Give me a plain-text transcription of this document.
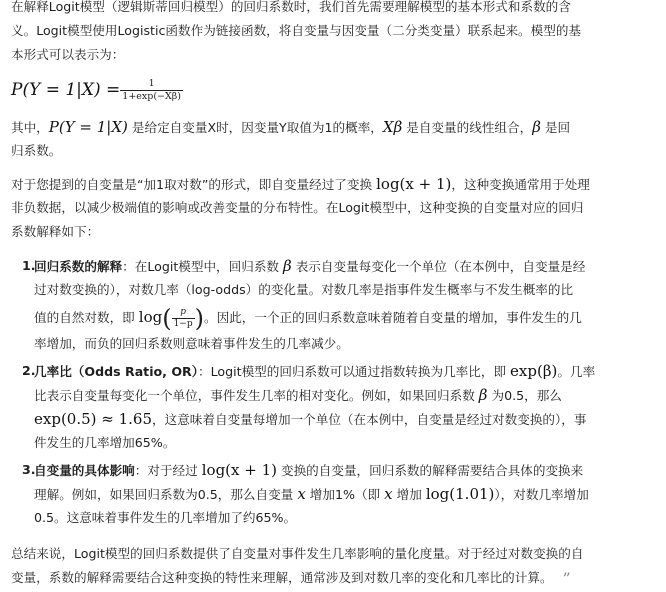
在解释Logit模型（逻辑斯蒂回归模型）的回归系数时，我们首先需要理解模型的基本形式和系数的含
义。Logit模型使用Logistic函数作为链接函数，将自变量与因变量（二分类变量）联系起来。模型的基
本形式可以表示为：
$P(Y = 1|X) = \frac{1}{1+\exp(-X\beta)}$
其中，P(Y = 1|X) 是给定自变量X时，因变量Y取值为1的概率，Xβ 是自变量的线性组合，β 是回
归系数。
对于您提到的自变量是“加1取对数”的形式，即自变量经过了变换 log(x + 1)，这种变换通常用于处理
非负数据，以减少极端值的影响或改善变量的分布特性。在Logit模型中，这种变换的自变量对应的回归
系数解释如下：
1.
回归系数的解释：在Logit模型中，回归系数 β 表示自变量每变化一个单位（在本例中，自变量是经
过对数变换的），对数几率（log-odds）的变化量。对数几率是指事件发生概率与不发生概率的比
值的自然对数，即 $\log( \frac{p}{1-p}$ )。因此，一个正的回归系数意味着随着自变量的增加，事件发生的几
率增加，而负的回归系数则意味着事件发生的几率减少。
2.
几率比（Odds Ratio, OR）：Logit模型的回归系数可以通过指数转换为几率比，即 exp(β)。几率
比表示自变量每变化一个单位，事件发生几率的相对变化。例如，如果回归系数 β 为0.5，那么
exp(0.5) ≈ 1.65，这意味着自变量每增加一个单位（在本例中，自变量是经过对数变换的），事
件发生的几率增加65%。
3.
自变量的具体影响：对于经过 log(x + 1) 变换的自变量，回归系数的解释需要结合具体的变换来
理解。例如，如果回归系数为0.5，那么自变量 x 增加1%（即 x 增加 log(1.01)），对数几率增加
0.5。这意味着事件发生的几率增加了约65%。
总结来说，Logit模型的回归系数提供了自变量对事件发生几率影响的量化度量。对于经过对数变换的自
变量，系数的解释需要结合这种变换的特性来理解，通常涉及到对数几率的变化和几率比的计算。 ”
